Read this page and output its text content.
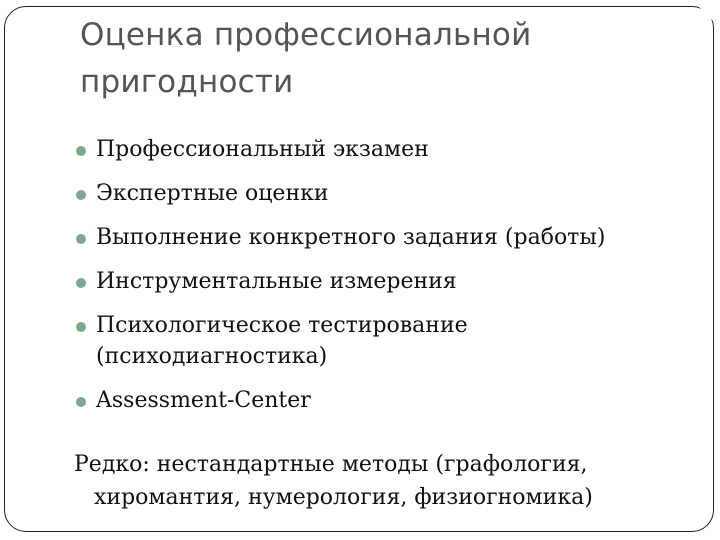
Оценка профессиональной
пригодности
Профессиональный экзамен
Экспертные оценки
Выполнение конкретного задания (работы)
Инструментальные измерения
Психологическое тестирование
(психодиагностика)
Assessment-Center

Редко: нестандартные методы (графология,
хиромантия, нумерология, физиогномика)
